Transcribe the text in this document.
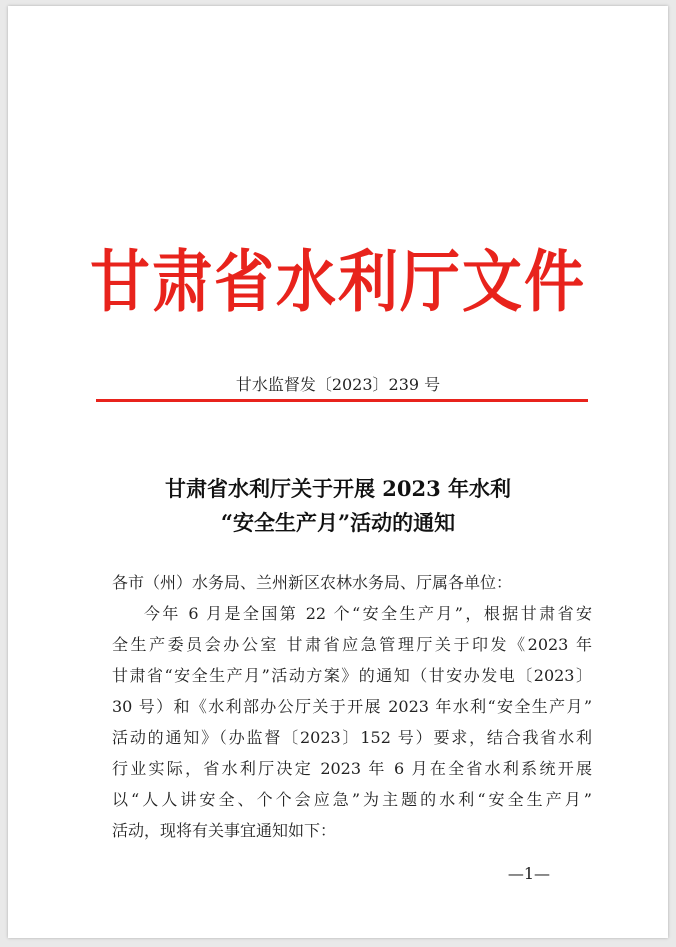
甘肃省水利厅文件
甘水监督发〔2023〕239 号
甘肃省水利厅关于开展 2023 年水利
“安全生产月”活动的通知
各市（州）水务局、兰州新区农林水务局、厅属各单位：
今年 6 月是全国第 22 个“安全生产月”，根据甘肃省安
全生产委员会办公室 甘肃省应急管理厅关于印发《2023 年
甘肃省“安全生产月”活动方案》的通知（甘安办发电〔2023〕
30 号）和《水利部办公厅关于开展 2023 年水利“安全生产月”
活动的通知》（办监督〔2023〕152 号）要求，结合我省水利
行业实际，省水利厅决定 2023 年 6 月在全省水利系统开展
以“人人讲安全、个个会应急”为主题的水利“安全生产月”
活动，现将有关事宜通知如下：
—1—
